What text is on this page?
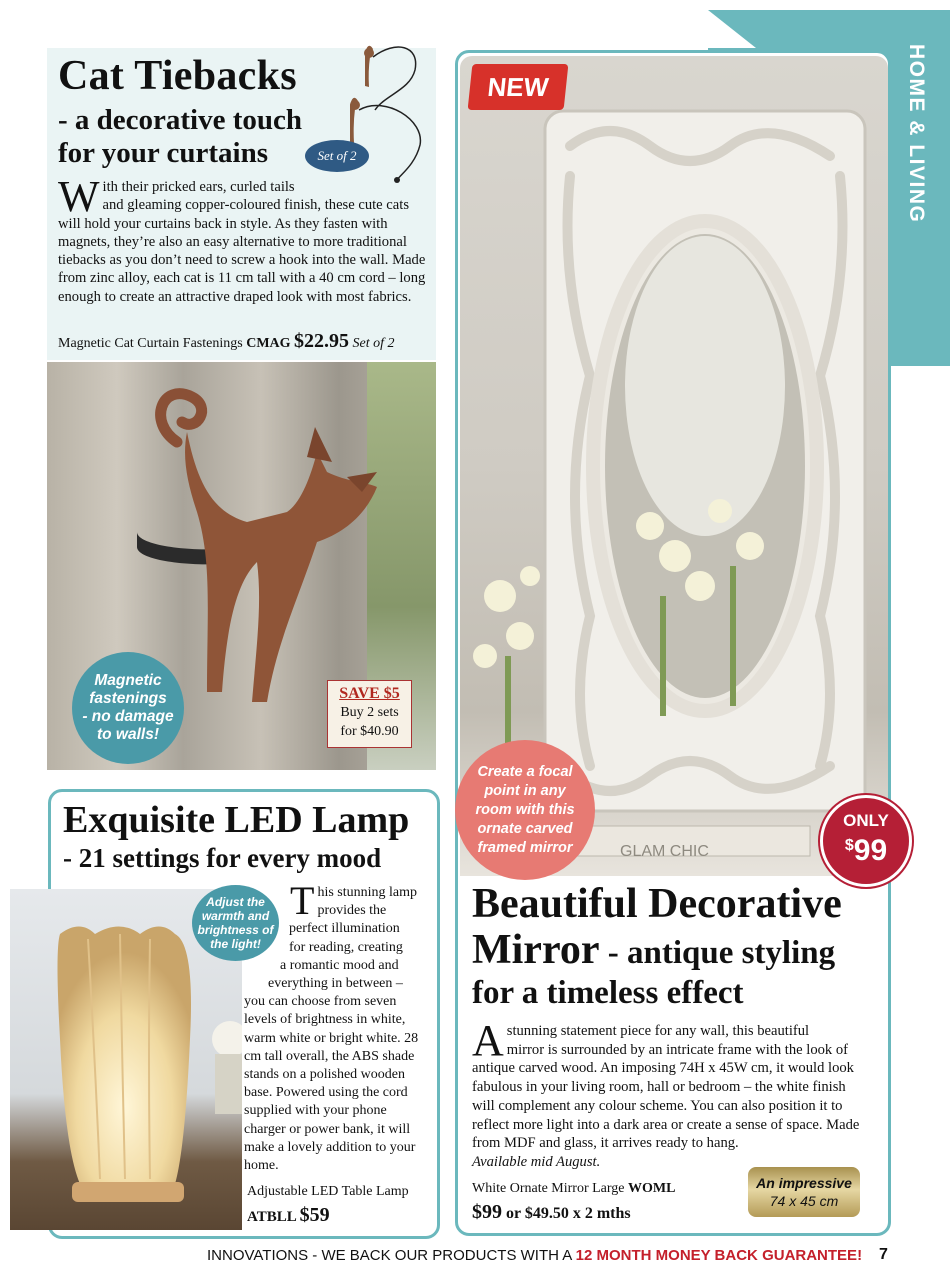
HOME & LIVING
Cat Tiebacks
- a decorative touch
for your curtains	Set of 2
W ith their pricked ears, curled tails
and gleaming copper-coloured finish, these cute cats will hold your curtains back in style. As they fasten with magnets, they’re also an easy alternative to more traditional tiebacks as you don’t need to screw a hook into the wall. Made from zinc alloy, each cat is 11 cm tall with a 40 cm cord – long enough to create an attractive draped look with most fabrics.
Magnetic Cat Curtain Fastenings CMAG $22.95 Set of 2
Magnetic
fastenings
- no damage
to walls!
SAVE $5
Buy 2 sets
for $40.90
Exquisite LED Lamp
- 21 settings for every mood
Adjust the
warmth and
brightness of
the light!
T his stunning lamp

provides the
perfect illumination
for reading, creating
a romantic mood and
everything in between –
you can choose from seven levels of brightness in white, warm white or bright white. 28 cm tall overall, the ABS shade stands on a polished wooden base. Powered using the cord supplied with your phone charger or power bank, it will make a lovely addition to your home.
Adjustable LED Table Lamp
ATBLL $59
GLAM CHIC
NEW
Create a focal
point in any
room with this
ornate carved
framed mirror
ONLY
$99
Beautiful Decorative
Mirror - antique styling
for a timeless effect
A stunning statement piece for any wall, this beautiful
mirror is surrounded by an intricate frame with the look of antique carved wood. An imposing 74H x 45W cm, it would look fabulous in your living room, hall or bedroom – the white finish will complement any colour scheme. You can also position it to reflect more light into a dark area or create a sense of space. Made from MDF and glass, it arrives ready to hang.
Available mid August.
White Ornate Mirror Large WOML
$99 or $49.50 x 2 mths
An impressive
74 x 45 cm
INNOVATIONS - WE BACK OUR PRODUCTS WITH A 12 MONTH MONEY BACK GUARANTEE! 7
